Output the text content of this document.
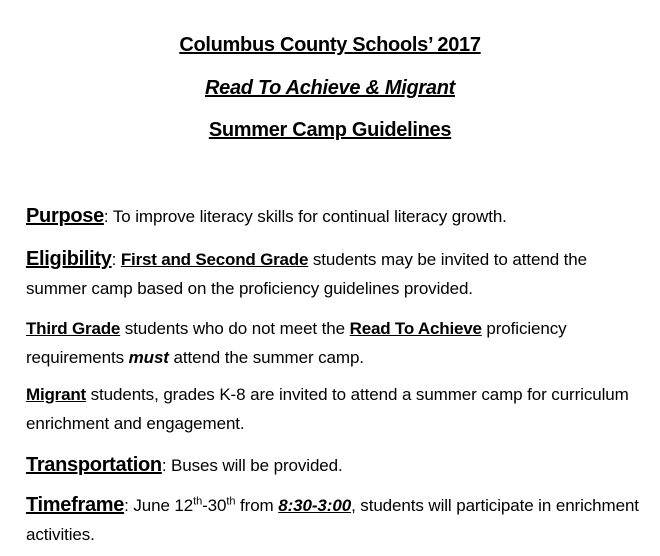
Columbus County Schools’ 2017
Read To Achieve & Migrant
Summer Camp Guidelines
Purpose: To improve literacy skills for continual literacy growth.
Eligibility: First and Second Grade students may be invited to attend the summer camp based on the proficiency guidelines provided.
Third Grade students who do not meet the Read To Achieve proficiency requirements must attend the summer camp.
Migrant students, grades K-8 are invited to attend a summer camp for curriculum enrichment and engagement.
Transportation: Buses will be provided.
Timeframe: June 12th-30th from 8:30-3:00, students will participate in enrichment activities.
